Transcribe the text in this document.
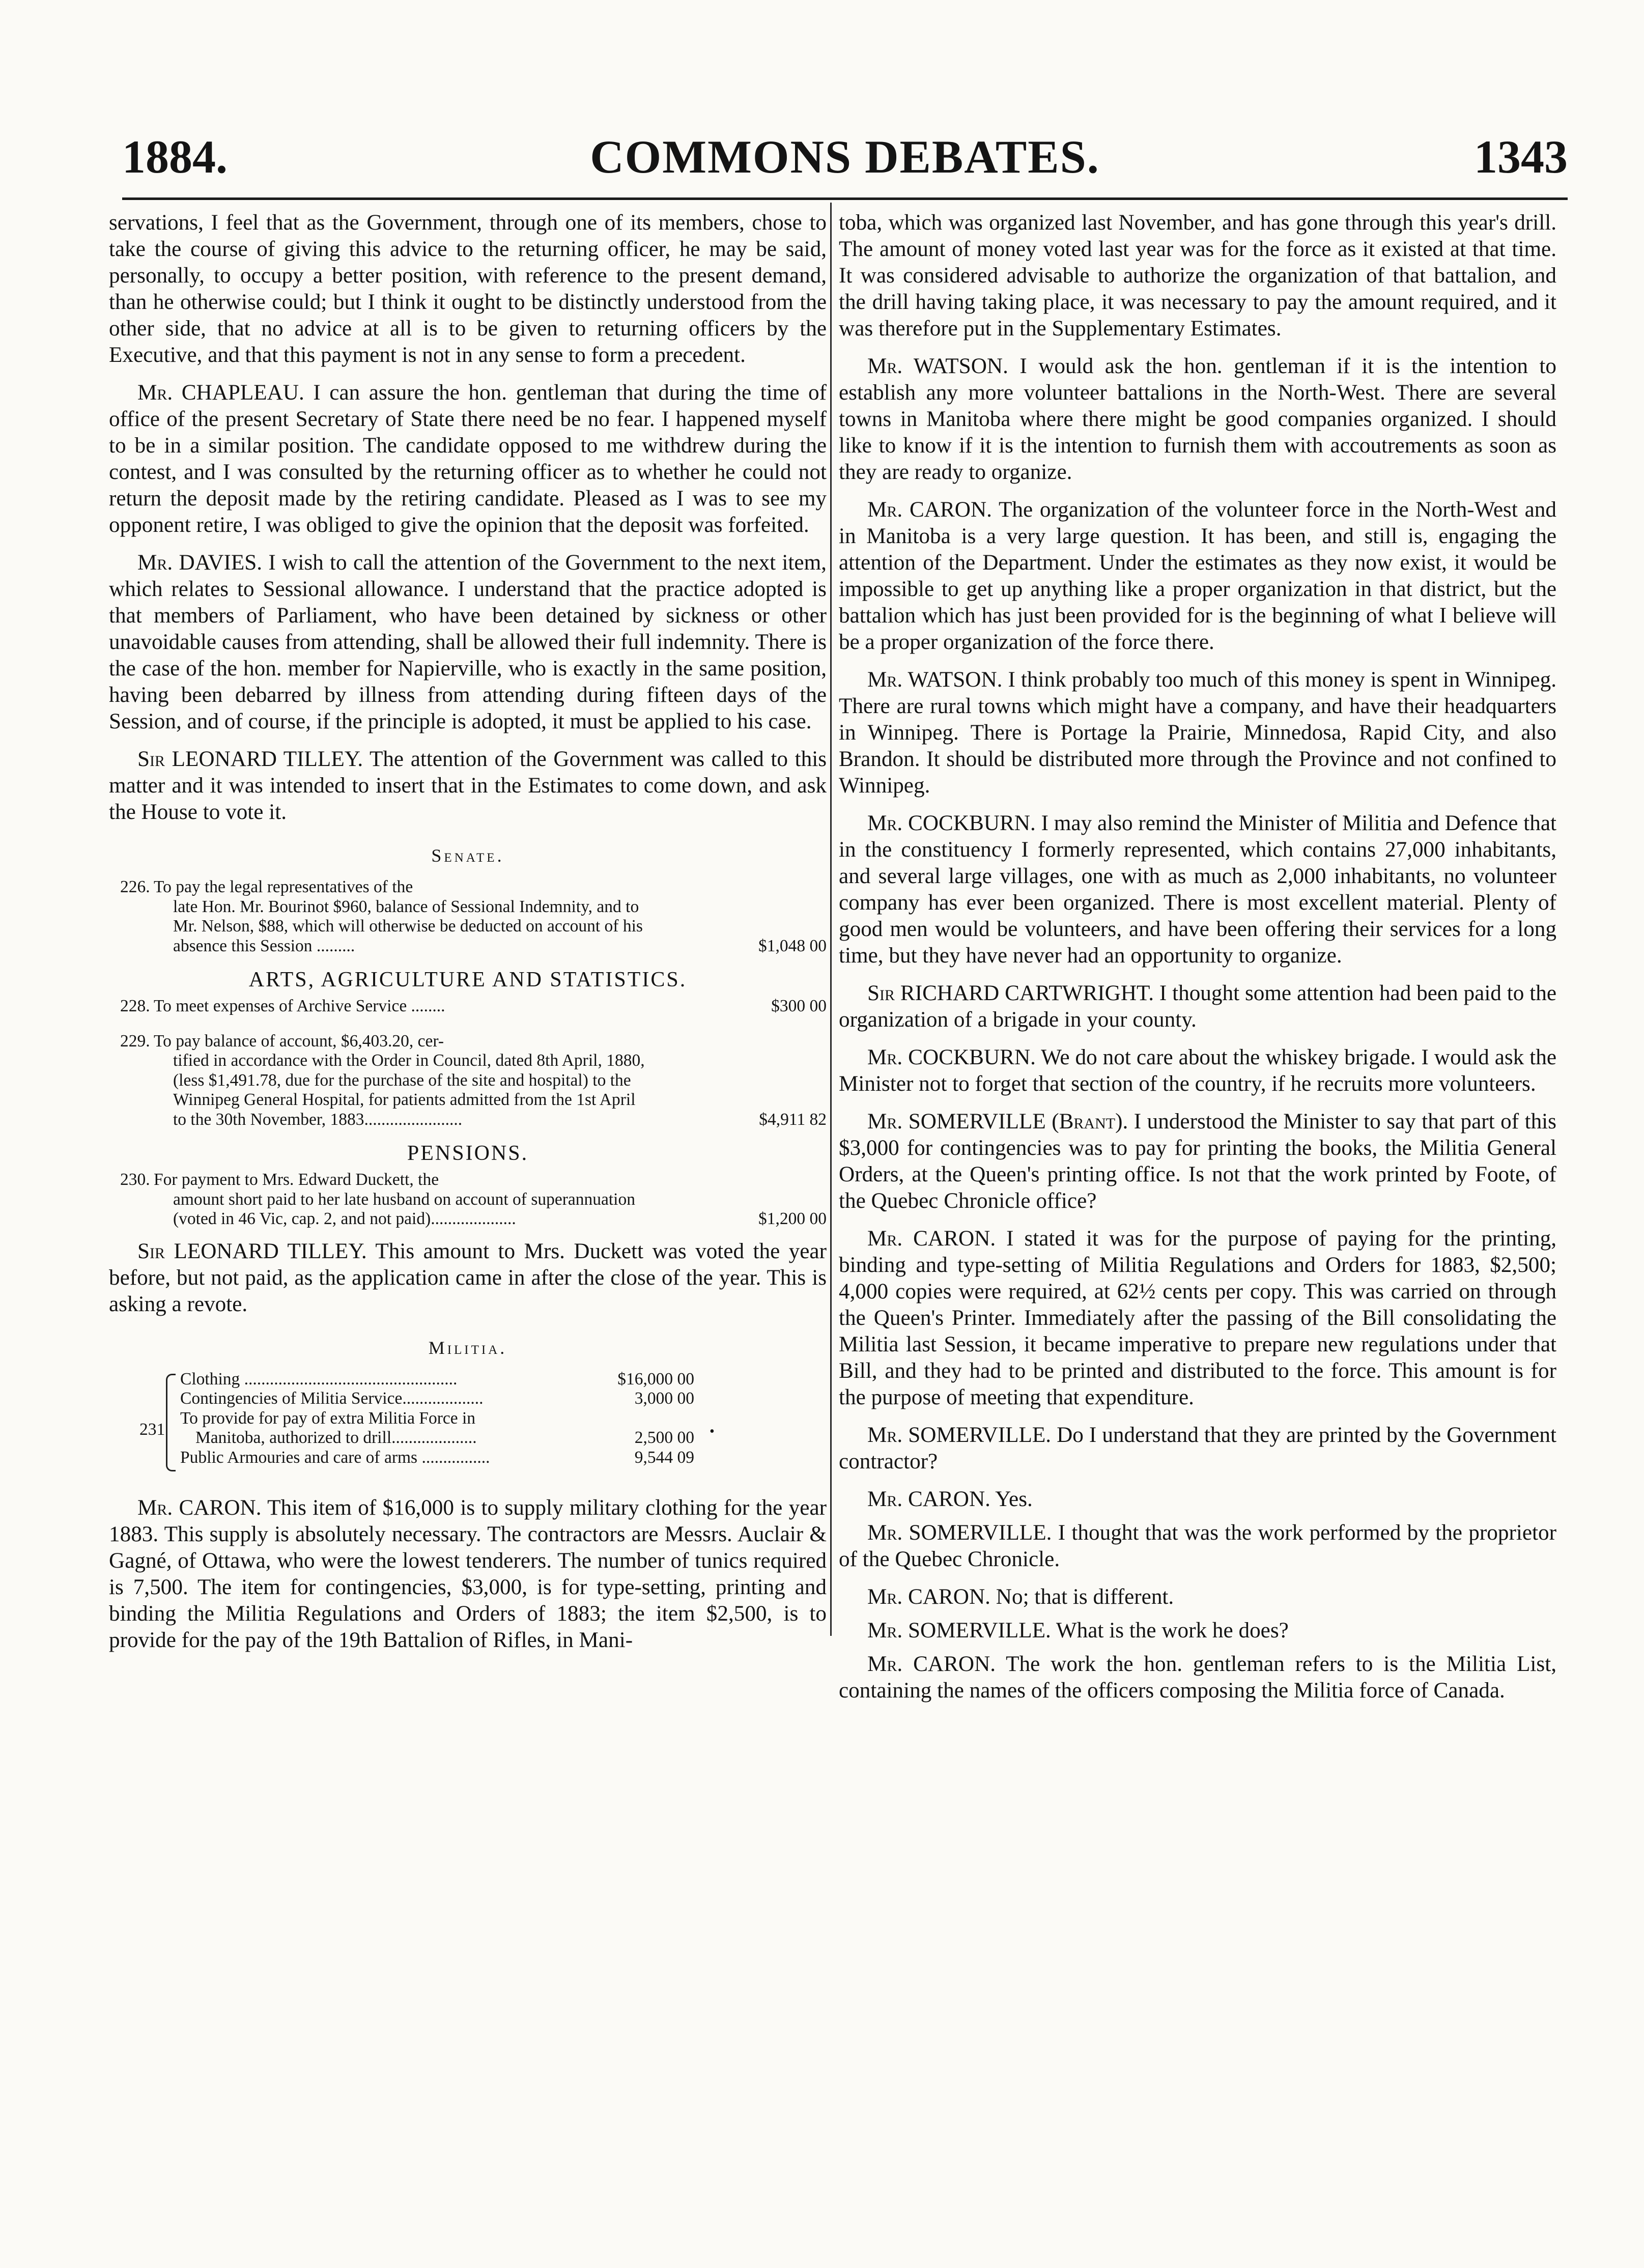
1884.	COMMONS DEBATES.	1343

servations, I feel that as the Government, through one of its members, chose to take the course of giving this advice to the returning officer, he may be said, personally, to occupy a better position, with reference to the present demand, than he otherwise could; but I think it ought to be distinctly understood from the other side, that no advice at all is to be given to returning officers by the Executive, and that this payment is not in any sense to form a precedent.

Mr. CHAPLEAU. I can assure the hon. gentleman that during the time of office of the present Secretary of State there need be no fear. I happened myself to be in a similar position. The candidate opposed to me withdrew during the contest, and I was consulted by the returning officer as to whether he could not return the deposit made by the retiring candidate. Pleased as I was to see my opponent retire, I was obliged to give the opinion that the deposit was forfeited.

Mr. DAVIES. I wish to call the attention of the Government to the next item, which relates to Sessional allowance. I understand that the practice adopted is that members of Parliament, who have been detained by sickness or other unavoidable causes from attending, shall be allowed their full indemnity. There is the case of the hon. member for Napierville, who is exactly in the same position, having been debarred by illness from attending during fifteen days of the Session, and of course, if the principle is adopted, it must be applied to his case.

Sir LEONARD TILLEY. The attention of the Government was called to this matter and it was intended to insert that in the Estimates to come down, and ask the House to vote it.

Senate.
226. To pay the legal representatives of the
late Hon. Mr. Bourinot $960, balance of Sessional Indemnity, and to Mr. Nelson, $88, which will otherwise be deducted on account of his absence this Session .........	$1,048 00
ARTS, AGRICULTURE AND STATISTICS.
228. To meet expenses of Archive Service ........	$300 00
229. To pay balance of account, $6,403.20, cer-
tified in accordance with the Order in Council, dated 8th April, 1880, (less $1,491.78, due for the purchase of the site and hospital) to the Winnipeg General Hospital, for patients admitted from the 1st April to the 30th November, 1883.......................	$4,911 82
PENSIONS.
230. For payment to Mrs. Edward Duckett, the
amount short paid to her late husband on account of superannuation (voted in 46 Vic, cap. 2, and not paid)....................	$1,200 00

Sir LEONARD TILLEY. This amount to Mrs. Duckett was voted the year before, but not paid, as the application came in after the close of the year. This is asking a revote.

Militia.
231
Clothing ..................................................	$16,000 00
Contingencies of Militia Service...................	3,000 00
To provide for pay of extra Militia Force in
Manitoba, authorized to drill....................	2,500 00
Public Armouries and care of arms ................	9,544 09
•

Mr. CARON. This item of $16,000 is to supply military clothing for the year 1883. This supply is absolutely necessary. The contractors are Messrs. Auclair & Gagné, of Ottawa, who were the lowest tenderers. The number of tunics required is 7,500. The item for contingencies, $3,000, is for type-setting, printing and binding the Militia Regulations and Orders of 1883; the item $2,500, is to provide for the pay of the 19th Battalion of Rifles, in Mani-

toba, which was organized last November, and has gone through this year's drill. The amount of money voted last year was for the force as it existed at that time. It was considered advisable to authorize the organization of that battalion, and the drill having taking place, it was necessary to pay the amount required, and it was therefore put in the Supplementary Estimates.

Mr. WATSON. I would ask the hon. gentleman if it is the intention to establish any more volunteer battalions in the North-West. There are several towns in Manitoba where there might be good companies organized. I should like to know if it is the intention to furnish them with accoutrements as soon as they are ready to organize.

Mr. CARON. The organization of the volunteer force in the North-West and in Manitoba is a very large question. It has been, and still is, engaging the attention of the Department. Under the estimates as they now exist, it would be impossible to get up anything like a proper organization in that district, but the battalion which has just been provided for is the beginning of what I believe will be a proper organization of the force there.

Mr. WATSON. I think probably too much of this money is spent in Winnipeg. There are rural towns which might have a company, and have their headquarters in Winnipeg. There is Portage la Prairie, Minnedosa, Rapid City, and also Brandon. It should be distributed more through the Province and not confined to Winnipeg.

Mr. COCKBURN. I may also remind the Minister of Militia and Defence that in the constituency I formerly represented, which contains 27,000 inhabitants, and several large villages, one with as much as 2,000 inhabitants, no volunteer company has ever been organized. There is most excellent material. Plenty of good men would be volunteers, and have been offering their services for a long time, but they have never had an opportunity to organize.

Sir RICHARD CARTWRIGHT. I thought some attention had been paid to the organization of a brigade in your county.

Mr. COCKBURN. We do not care about the whiskey brigade. I would ask the Minister not to forget that section of the country, if he recruits more volunteers.

Mr. SOMERVILLE (Brant). I understood the Minister to say that part of this $3,000 for contingencies was to pay for printing the books, the Militia General Orders, at the Queen's printing office. Is not that the work printed by Foote, of the Quebec Chronicle office?

Mr. CARON. I stated it was for the purpose of paying for the printing, binding and type-setting of Militia Regulations and Orders for 1883, $2,500; 4,000 copies were required, at 62½ cents per copy. This was carried on through the Queen's Printer. Immediately after the passing of the Bill consolidating the Militia last Session, it became imperative to prepare new regulations under that Bill, and they had to be printed and distributed to the force. This amount is for the purpose of meeting that expenditure.

Mr. SOMERVILLE. Do I understand that they are printed by the Government contractor?

Mr. CARON. Yes.

Mr. SOMERVILLE. I thought that was the work performed by the proprietor of the Quebec Chronicle.

Mr. CARON. No; that is different.

Mr. SOMERVILLE. What is the work he does?

Mr. CARON. The work the hon. gentleman refers to is the Militia List, containing the names of the officers composing the Militia force of Canada.
